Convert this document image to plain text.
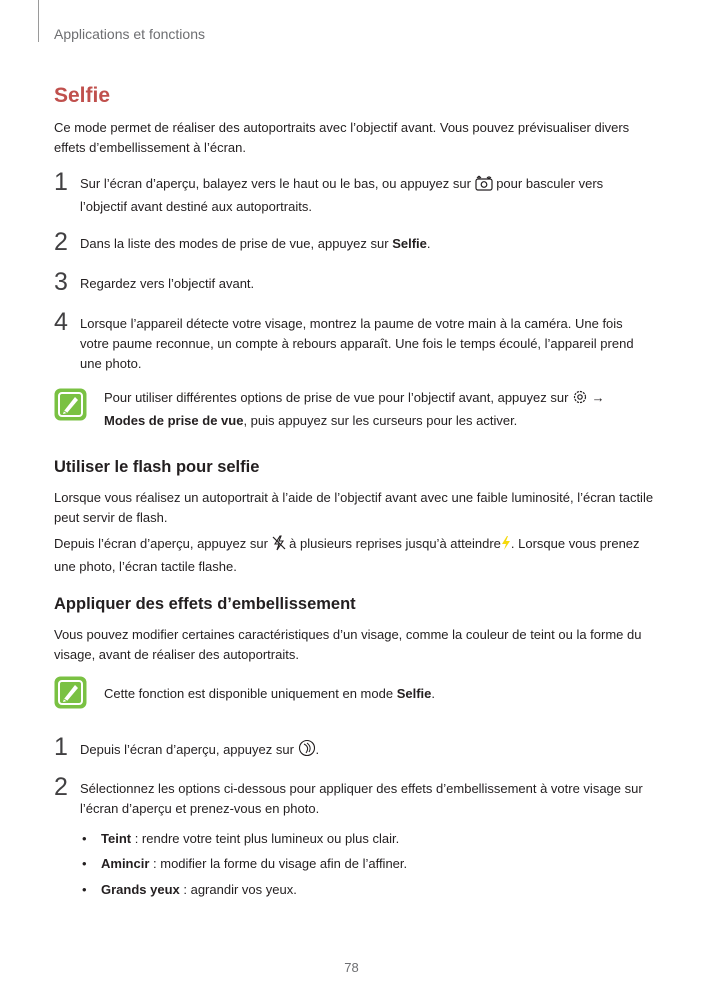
Applications et fonctions
Selfie
Ce mode permet de réaliser des autoportraits avec l’objectif avant. Vous pouvez prévisualiser divers effets d’embellissement à l’écran.
1 Sur l’écran d’aperçu, balayez vers le haut ou le bas, ou appuyez sur pour basculer vers l’objectif avant destiné aux autoportraits.
2 Dans la liste des modes de prise de vue, appuyez sur Selfie.
3 Regardez vers l’objectif avant.
4 Lorsque l’appareil détecte votre visage, montrez la paume de votre main à la caméra. Une fois votre paume reconnue, un compte à rebours apparaît. Une fois le temps écoulé, l’appareil prend une photo.
Pour utiliser différentes options de prise de vue pour l’objectif avant, appuyez sur →
Modes de prise de vue, puis appuyez sur les curseurs pour les activer.
Utiliser le flash pour selfie
Lorsque vous réalisez un autoportrait à l’aide de l’objectif avant avec une faible luminosité, l’écran tactile peut servir de flash.
Depuis l’écran d’aperçu, appuyez sur à plusieurs reprises jusqu’à atteindre . Lorsque vous prenez une photo, l’écran tactile flashe.
Appliquer des effets d’embellissement
Vous pouvez modifier certaines caractéristiques d’un visage, comme la couleur de teint ou la forme du visage, avant de réaliser des autoportraits.
Cette fonction est disponible uniquement en mode Selfie.
1 Depuis l’écran d’aperçu, appuyez sur .
2 Sélectionnez les options ci-dessous pour appliquer des effets d’embellissement à votre visage sur l’écran d’aperçu et prenez-vous en photo.
• Teint : rendre votre teint plus lumineux ou plus clair.
• Amincir : modifier la forme du visage afin de l’affiner.
• Grands yeux : agrandir vos yeux.
78
